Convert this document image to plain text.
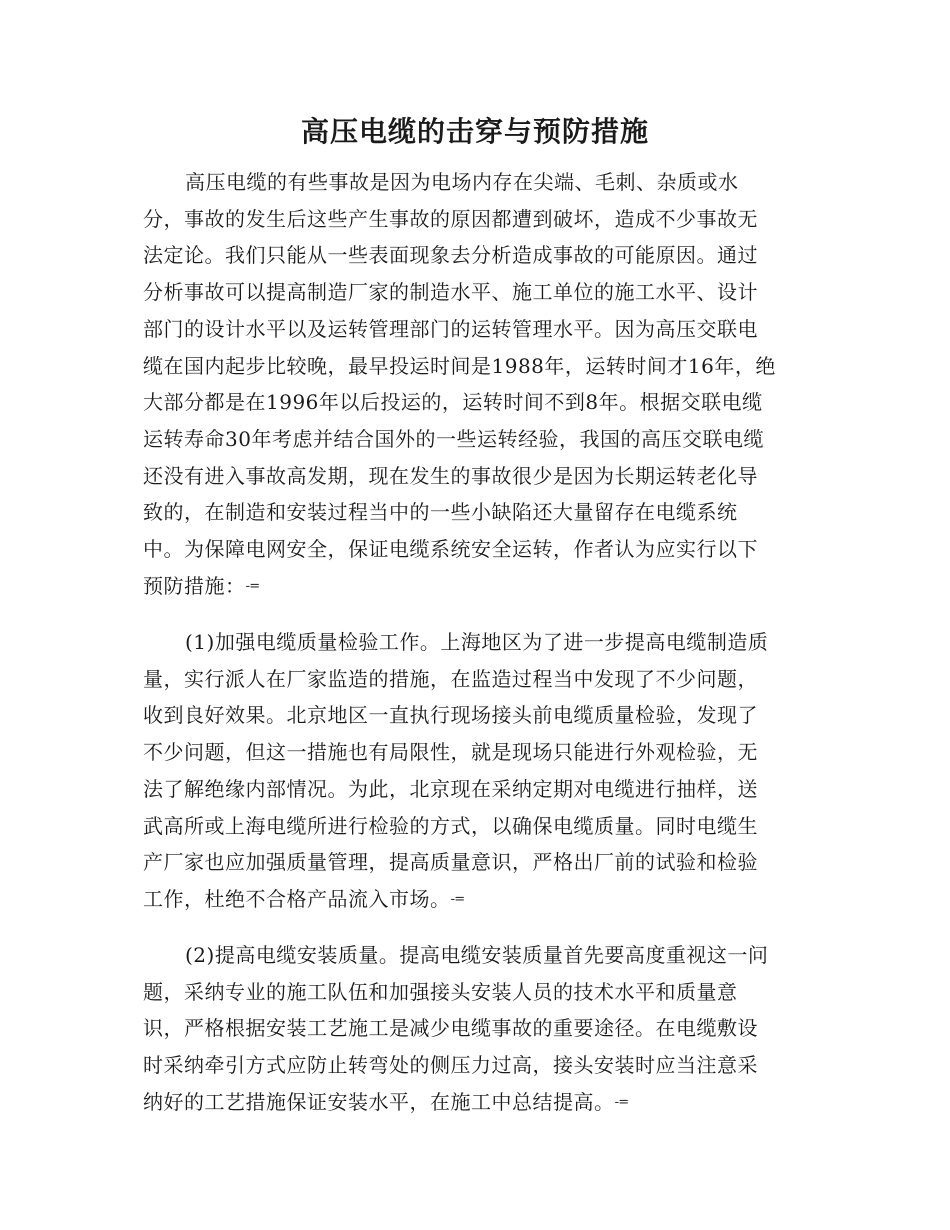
高压电缆的击穿与预防措施

高压电缆的有些事故是因为电场内存在尖端、毛刺、杂质或水
分，事故的发生后这些产生事故的原因都遭到破坏，造成不少事故无
法定论。我们只能从一些表面现象去分析造成事故的可能原因。通过
分析事故可以提高制造厂家的制造水平、施工单位的施工水平、设计
部门的设计水平以及运转管理部门的运转管理水平。因为高压交联电
缆在国内起步比较晚，最早投运时间是1988年，运转时间才16年，绝
大部分都是在1996年以后投运的，运转时间不到8年。根据交联电缆
运转寿命30年考虑并结合国外的一些运转经验，我国的高压交联电缆
还没有进入事故高发期，现在发生的事故很少是因为长期运转老化导
致的，在制造和安装过程当中的一些小缺陷还大量留存在电缆系统
中。为保障电网安全，保证电缆系统安全运转，作者认为应实行以下
预防措施：-=

(1)加强电缆质量检验工作。上海地区为了进一步提高电缆制造质
量，实行派人在厂家监造的措施，在监造过程当中发现了不少问题，
收到良好效果。北京地区一直执行现场接头前电缆质量检验，发现了
不少问题，但这一措施也有局限性，就是现场只能进行外观检验，无
法了解绝缘内部情况。为此，北京现在采纳定期对电缆进行抽样，送
武高所或上海电缆所进行检验的方式，以确保电缆质量。同时电缆生
产厂家也应加强质量管理，提高质量意识，严格出厂前的试验和检验
工作，杜绝不合格产品流入市场。-=

(2)提高电缆安装质量。提高电缆安装质量首先要高度重视这一问
题，采纳专业的施工队伍和加强接头安装人员的技术水平和质量意
识，严格根据安装工艺施工是减少电缆事故的重要途径。在电缆敷设
时采纳牵引方式应防止转弯处的侧压力过高，接头安装时应当注意采
纳好的工艺措施保证安装水平，在施工中总结提高。-=
